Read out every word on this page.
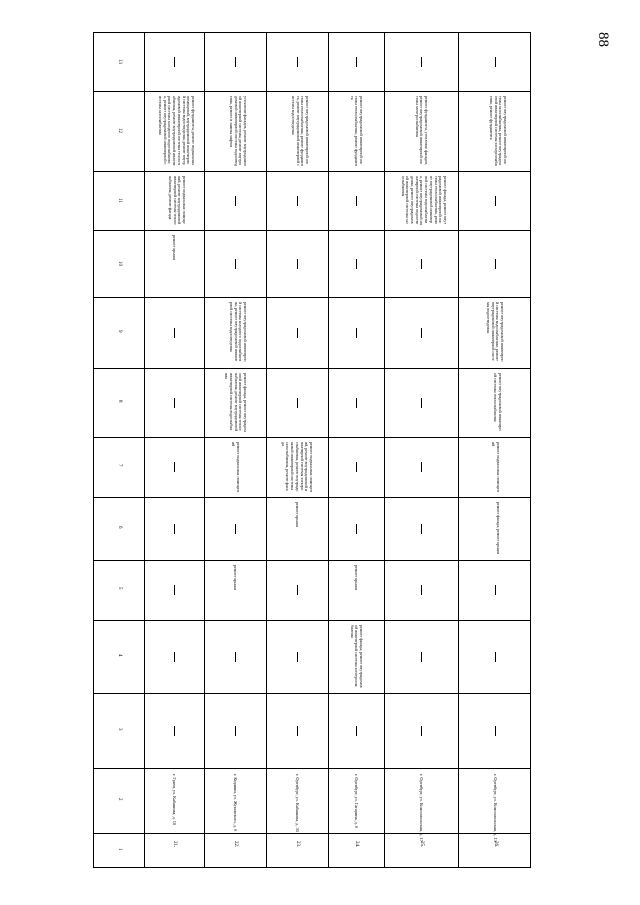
88
1
2
3
4
5
6
7
8
9
10
11
12
13
21.
г. Грязи, ул. Кабашова, д. 10
ремонт крыши
ремонт подвальных помещений, ремонт внутридомовой инженерной системы теплоснабжения, ремонт фасада
ремонт фундамента, ремонт подвальных помещений, внутридомовой инженерной системы водоотведения, ремонт внутридомовой инженерной системы теплоснабжения, ремонт внутридомовой инженерной системы холодного водоснабжения, ремонт внутридомовой инженерной системы газоснабжения
22.
г. Кириши, ул. Жуковского, д. 6
ремонт крыши
ремонт подвальных помещений
ремонт фасада, ремонт внутридомовой инженерной системы теплоснабжения, ремонт внутридомовой инженерной системы водоснабжения
ремонт внутридомовой инженерной системы холодного водоснабжения, ремонт внутридомовой инженерной системы водоотведения
утепление фасадов, ремонт внутридомовой инженерной системы, ремонт внутридомовой инженерной системы водоотведения, ремонт и замена лифтов
23.
г. Оренбург, ул. Кабашова, д. 30
ремонт крыши
ремонт подвальных помещений, ремонт внутридомовой инженерной системы электроснабжения, ремонт внутридомовой инженерной системы газоснабжения, ремонт фасада
ремонт внутридомовой инженерной системы теплоснабжения, ремонт фундамента, ремонт внутридомовой инженерной системы водоотведения
24.
г. Оренбург, ул. Гагарина, д. 6
ремонт фасада, ремонт внутридомовой инженерной системы электроснабжения
ремонт крыши
ремонт внутридомовой инженерной системы теплоснабжения, ремонт фундамента
25.
г. Оренбург, ул. Комсомольская, д. 17
ремонт фасада, ремонт внутридомовой инженерной системы теплоснабжения, ремонт внутридомовой инженерной системы водоснабжения, ремонт внутридомовой инженерной системы водоотведения, ремонт внутридомовой инженерной системы газоснабжения
ремонт фундамента, утепление фасадов, ремонт внутридомовой инженерной системы электроснабжения
26.
г. Оренбург, ул. Комсомольская, д. 13
ремонт фасада, ремонт крыши
ремонт подвальных помещений
ремонт внутридомовой инженерной системы теплоснабжения
ремонт внутридомовой инженерной системы водоснабжения, ремонт внутридомовой инженерной системы водоотведения
ремонт внутридомовой инженерной системы газоснабжения, ремонт внутридомовой инженерной системы электроснабжения, ремонт фундамента
